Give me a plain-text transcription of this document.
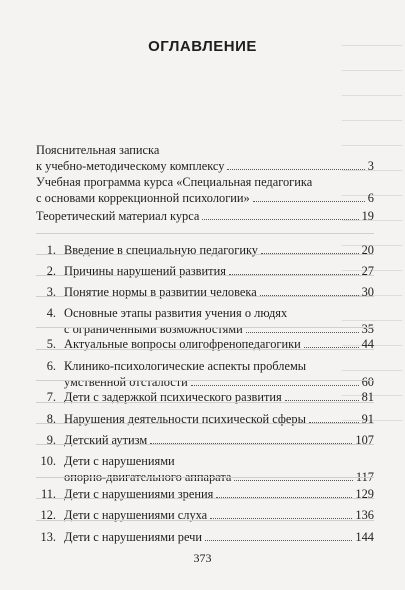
ОГЛАВЛЕНИЕ
Пояснительная записка
к учебно-методическому комплексу	3
Учебная программа курса «Специальная педагогика
с основами коррекционной психологии»	6
Теоретический материал курса	19
1. Введение в специальную педагогику	20
2. Причины нарушений развития	27
3. Понятие нормы в развитии человека	30
4. Основные этапы развития учения о людях
с ограниченными возможностями	35
5. Актуальные вопросы олигофренопедагогики	44
6. Клинико-психологические аспекты проблемы
умственной отсталости	60
7. Дети с задержкой психического развития	81
8. Нарушения деятельности психической сферы	91
9. Детский аутизм	107
10. Дети с нарушениями
опорно-двигательного аппарата	117
11. Дети с нарушениями зрения	129
12. Дети с нарушениями слуха	136
13. Дети с нарушениями речи	144
373
